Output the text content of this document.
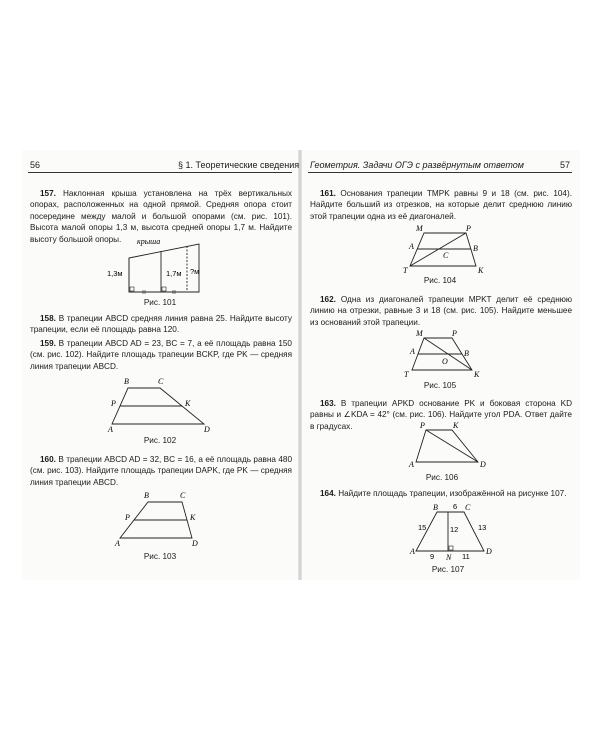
56	§ 1. Теоретические сведения Геометрия. Задачи ОГЭ с развёрнутым ответом	57

157. Наклонная крыша установлена на трёх вертикальных опорах, расположенных на одной прямой. Средняя опора стоит посередине между малой и большой опорами (см. рис. 101). Высота малой опоры 1,3 м, высота средней опоры 1,7 м. Найдите высоту большой опоры.	крыша
1,3м	1,7м ?м
Рис. 101

158. В трапеции ABCD средняя линия равна 25. Найдите высоту трапеции, если её площадь равна 120.

159. В трапеции ABCD AD = 23, BC = 7, а её площадь равна 150 (см. рис. 102). Найдите площадь трапеции BCKP, где PK — средняя линия трапеции ABCD.

B	C
P	K
A	D
Рис. 102

160. В трапеции ABCD AD = 32, BC = 16, а её площадь равна 480 (см. рис. 103). Найдите площадь трапеции DAPK, где PK — средняя линия трапеции ABCD.

B	C
P	K
A	D
Рис. 103

161. Основания трапеции TMPK равны 9 и 18 (см. рис. 104). Найдите больший из отрезков, на которые делит среднюю линию этой трапеции одна из её диагоналей.

M	P
A	B
C
T	K
Рис. 104

162. Одна из диагоналей трапеции MPKT делит её среднюю линию на отрезки, равные 3 и 18 (см. рис. 105). Найдите меньшее из оснований этой трапеции.

M	P
A	B
O
T	K
Рис. 105

163. В трапеции APKD основание PK и боковая сторона KD равны и ∠KDA = 42° (см. рис. 106). Найдите угол PDA. Ответ дайте в градусах.	P	K
A	D
Рис. 106

164. Найдите площадь трапеции, изображённой на рисунке 107.

B	C
A
N
D
6
15	13
12
9	11
Рис. 107
